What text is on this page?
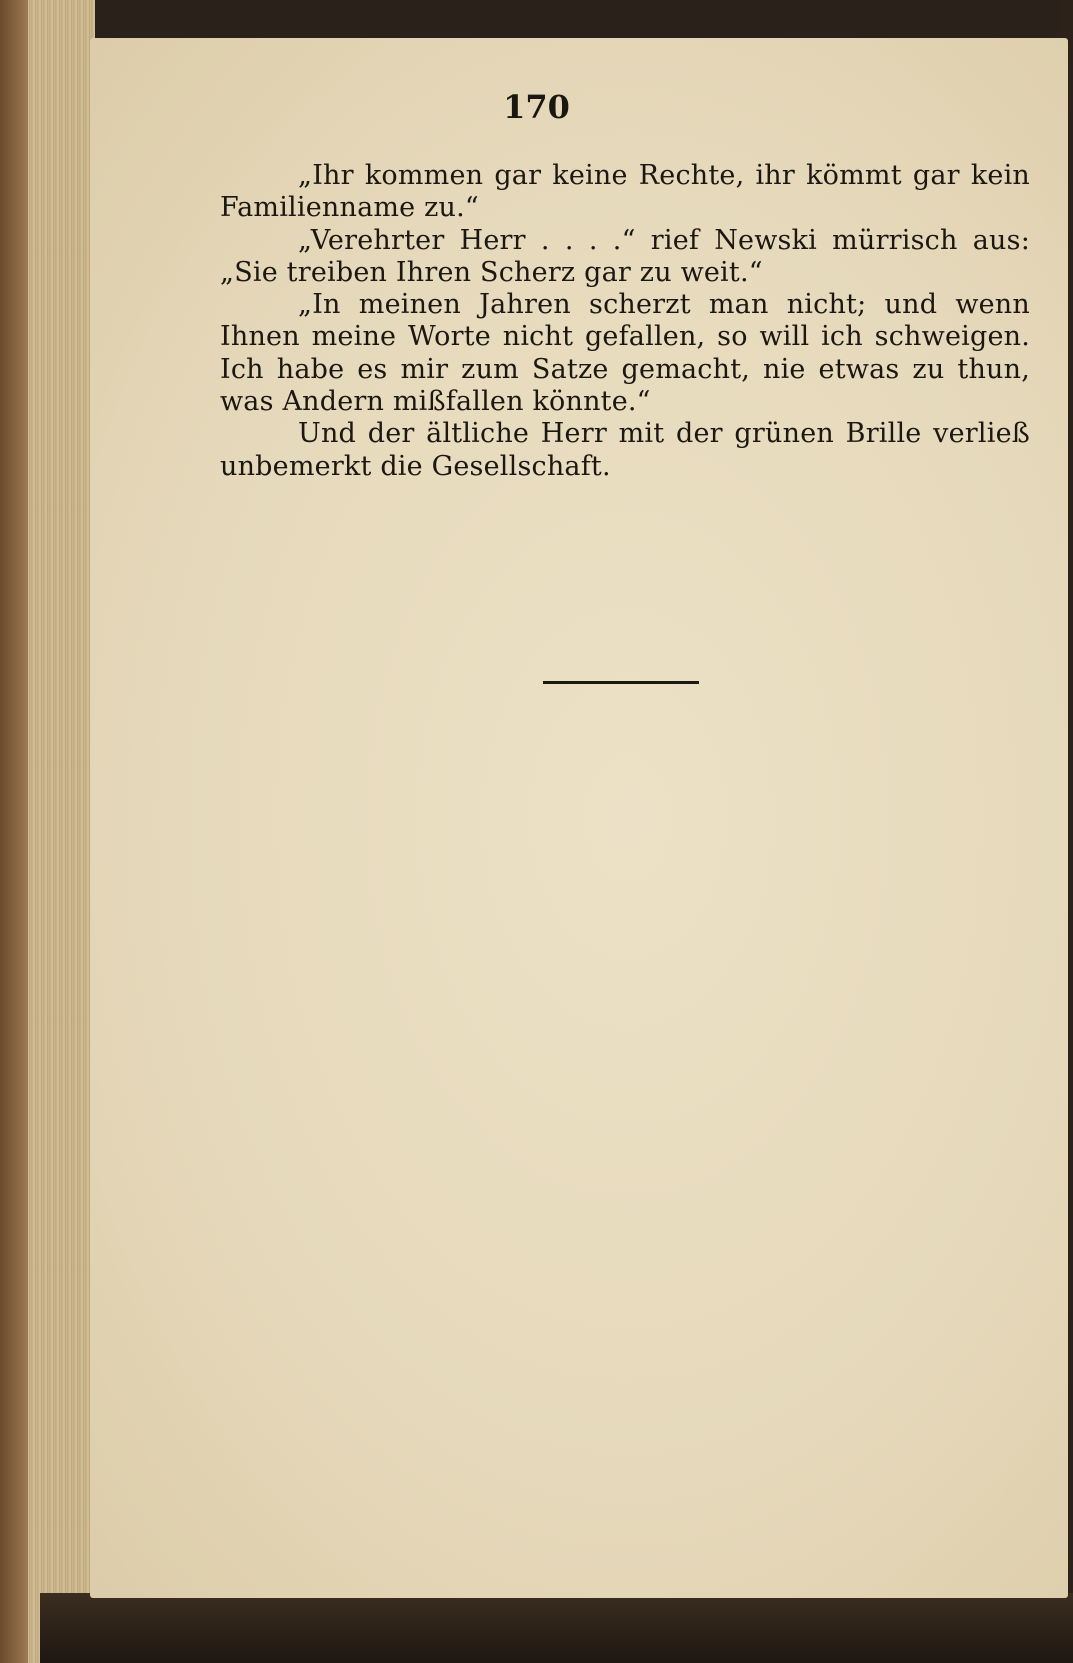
170

„Ihr kommen gar keine Rechte, ihr kömmt gar kein Familienname zu.“

„Verehrter Herr . . . .“ rief Newski mürrisch aus: „Sie treiben Ihren Scherz gar zu weit.“

„In meinen Jahren scherzt man nicht; und wenn Ihnen meine Worte nicht gefallen, so will ich schweigen. Ich habe es mir zum Satze gemacht, nie etwas zu thun, was Andern mißfallen könnte.“

Und der ältliche Herr mit der grünen Brille verließ unbemerkt die Gesellschaft.
